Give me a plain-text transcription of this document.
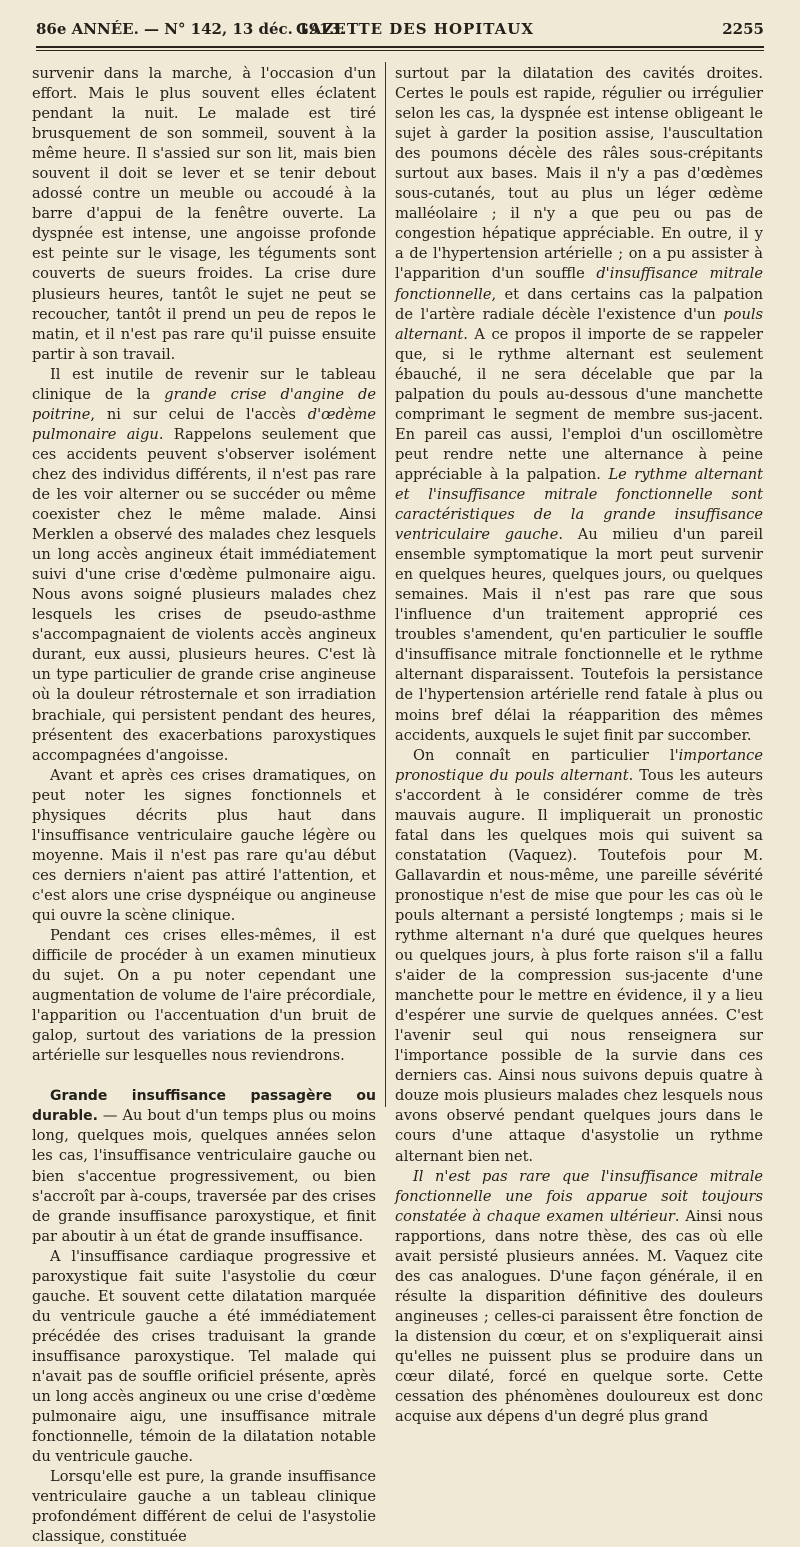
86e ANNÉE. — N° 142, 13 déc. 1913.
GAZETTE DES HOPITAUX	2255

survenir dans la marche, à l'occasion d'un effort. Mais le plus souvent elles éclatent pendant la nuit. Le malade est tiré brusquement de son sommeil, souvent à la même heure. Il s'assied sur son lit, mais bien souvent il doit se lever et se tenir debout adossé contre un meuble ou accoudé à la barre d'appui de la fenêtre ouverte. La dyspnée est intense, une angoisse profonde est peinte sur le visage, les téguments sont couverts de sueurs froides. La crise dure plusieurs heures, tantôt le sujet ne peut se recoucher, tantôt il prend un peu de repos le matin, et il n'est pas rare qu'il puisse ensuite partir à son travail.

Il est inutile de revenir sur le tableau clinique de la grande crise d'angine de poitrine, ni sur celui de l'accès d'œdème pulmonaire aigu. Rappelons seulement que ces accidents peuvent s'observer isolément chez des individus différents, il n'est pas rare de les voir alterner ou se succéder ou même coexister chez le même malade. Ainsi Merklen a observé des malades chez lesquels un long accès angineux était immédiatement suivi d'une crise d'œdème pulmonaire aigu. Nous avons soigné plusieurs malades chez lesquels les crises de pseudo-asthme s'accompagnaient de violents accès angineux durant, eux aussi, plusieurs heures. C'est là un type particulier de grande crise angineuse où la douleur rétrosternale et son irradiation brachiale, qui persistent pendant des heures, présentent des exacerbations paroxystiques accompagnées d'angoisse.

Avant et après ces crises dramatiques, on peut noter les signes fonctionnels et physiques décrits plus haut dans l'insuffisance ventriculaire gauche légère ou moyenne. Mais il n'est pas rare qu'au début ces derniers n'aient pas attiré l'attention, et c'est alors une crise dyspnéique ou angineuse qui ouvre la scène clinique.

Pendant ces crises elles-mêmes, il est difficile de procéder à un examen minutieux du sujet. On a pu noter cependant une augmentation de volume de l'aire précordiale, l'apparition ou l'accentuation d'un bruit de galop, surtout des variations de la pression artérielle sur lesquelles nous reviendrons.

Grande insuffisance passagère ou durable. — Au bout d'un temps plus ou moins long, quelques mois, quelques années selon les cas, l'insuffisance ventriculaire gauche ou bien s'accentue progressivement, ou bien s'accroît par à-coups, traversée par des crises de grande insuffisance paroxystique, et finit par aboutir à un état de grande insuffisance.

A l'insuffisance cardiaque progressive et paroxystique fait suite l'asystolie du cœur gauche. Et souvent cette dilatation marquée du ventricule gauche a été immédiatement précédée des crises traduisant la grande insuffisance paroxystique. Tel malade qui n'avait pas de souffle orificiel présente, après un long accès angineux ou une crise d'œdème pulmonaire aigu, une insuffisance mitrale fonctionnelle, témoin de la dilatation notable du ventricule gauche.

Lorsqu'elle est pure, la grande insuffisance ventriculaire gauche a un tableau clinique profondément différent de celui de l'asystolie classique, constituée

surtout par la dilatation des cavités droites. Certes le pouls est rapide, régulier ou irrégulier selon les cas, la dyspnée est intense obligeant le sujet à garder la position assise, l'auscultation des poumons décèle des râles sous-crépitants surtout aux bases. Mais il n'y a pas d'œdèmes sous-cutanés, tout au plus un léger œdème malléolaire ; il n'y a que peu ou pas de congestion hépatique appréciable. En outre, il y a de l'hypertension artérielle ; on a pu assister à l'apparition d'un souffle d'insuffisance mitrale fonctionnelle, et dans certains cas la palpation de l'artère radiale décèle l'existence d'un pouls alternant. A ce propos il importe de se rappeler que, si le rythme alternant est seulement ébauché, il ne sera décelable que par la palpation du pouls au-dessous d'une manchette comprimant le segment de membre sus-jacent. En pareil cas aussi, l'emploi d'un oscillomètre peut rendre nette une alternance à peine appréciable à la palpation. Le rythme alternant et l'insuffisance mitrale fonctionnelle sont caractéristiques de la grande insuffisance ventriculaire gauche. Au milieu d'un pareil ensemble symptomatique la mort peut survenir en quelques heures, quelques jours, ou quelques semaines. Mais il n'est pas rare que sous l'influence d'un traitement approprié ces troubles s'amendent, qu'en particulier le souffle d'insuffisance mitrale fonctionnelle et le rythme alternant disparaissent. Toutefois la persistance de l'hypertension artérielle rend fatale à plus ou moins bref délai la réapparition des mêmes accidents, auxquels le sujet finit par succomber.

On connaît en particulier l'importance pronostique du pouls alternant. Tous les auteurs s'accordent à le considérer comme de très mauvais augure. Il impliquerait un pronostic fatal dans les quelques mois qui suivent sa constatation (Vaquez). Toutefois pour M. Gallavardin et nous-même, une pareille sévérité pronostique n'est de mise que pour les cas où le pouls alternant a persisté longtemps ; mais si le rythme alternant n'a duré que quelques heures ou quelques jours, à plus forte raison s'il a fallu s'aider de la compression sus-jacente d'une manchette pour le mettre en évidence, il y a lieu d'espérer une survie de quelques années. C'est l'avenir seul qui nous renseignera sur l'importance possible de la survie dans ces derniers cas. Ainsi nous suivons depuis quatre à douze mois plusieurs malades chez lesquels nous avons observé pendant quelques jours dans le cours d'une attaque d'asystolie un rythme alternant bien net.

Il n'est pas rare que l'insuffisance mitrale fonctionnelle une fois apparue soit toujours constatée à chaque examen ultérieur. Ainsi nous rapportions, dans notre thèse, des cas où elle avait persisté plusieurs années. M. Vaquez cite des cas analogues. D'une façon générale, il en résulte la disparition définitive des douleurs angineuses ; celles-ci paraissent être fonction de la distension du cœur, et on s'expliquerait ainsi qu'elles ne puissent plus se produire dans un cœur dilaté, forcé en quelque sorte. Cette cessation des phénomènes douloureux est donc acquise aux dépens d'un degré plus grand
